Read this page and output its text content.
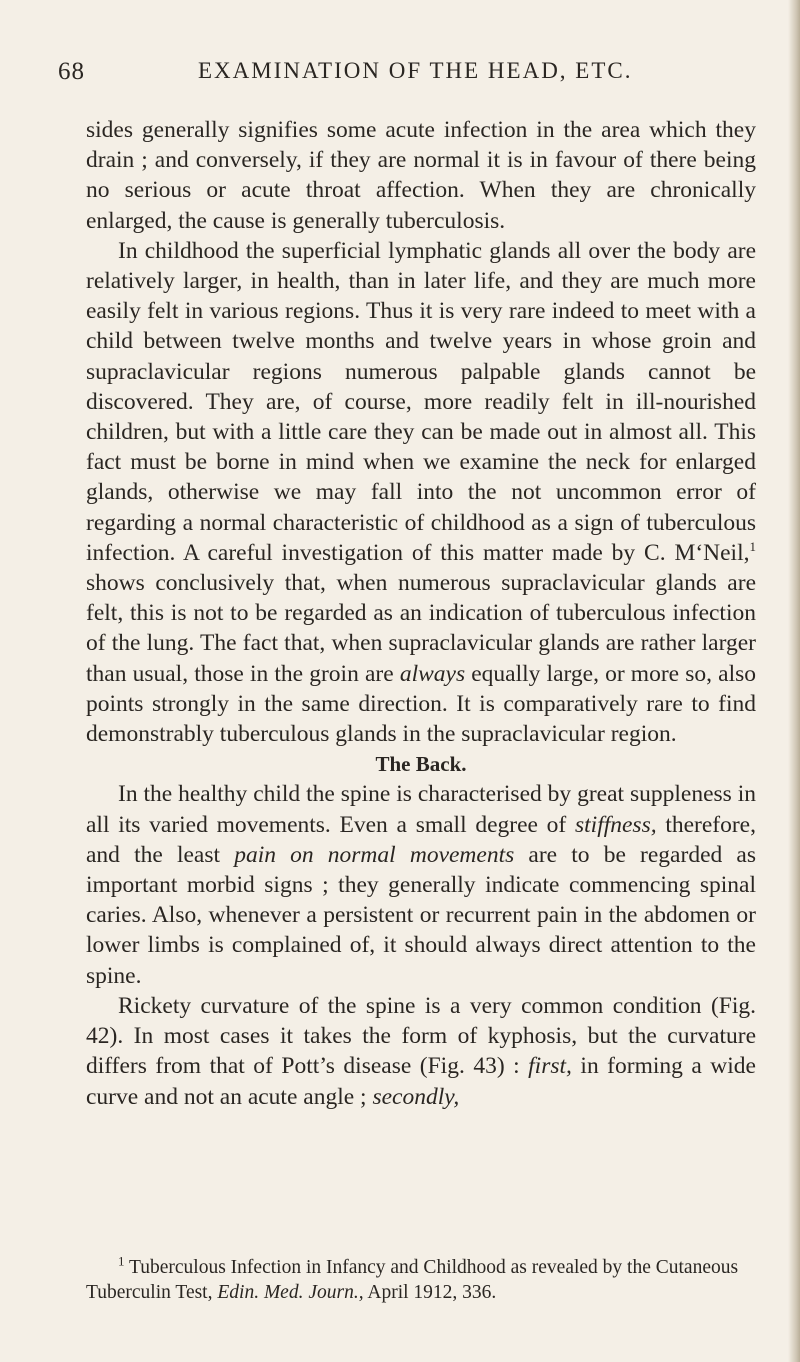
68	EXAMINATION OF THE HEAD, ETC.

sides generally signifies some acute infection in the area which they drain ; and conversely, if they are normal it is in favour of there being no serious or acute throat affection. When they are chronically enlarged, the cause is generally tuberculosis.

In childhood the superficial lymphatic glands all over the body are relatively larger, in health, than in later life, and they are much more easily felt in various regions. Thus it is very rare indeed to meet with a child between twelve months and twelve years in whose groin and supraclavicular regions numerous palpable glands cannot be discovered. They are, of course, more readily felt in ill-nourished children, but with a little care they can be made out in almost all. This fact must be borne in mind when we examine the neck for enlarged glands, otherwise we may fall into the not uncommon error of regarding a normal characteristic of childhood as a sign of tuberculous infection. A careful investigation of this matter made by C. M‘Neil,$^1$ shows conclusively that, when numerous supraclavicular glands are felt, this is not to be regarded as an indication of tuberculous infection of the lung. The fact that, when supraclavicular glands are rather larger than usual, those in the groin are always equally large, or more so, also points strongly in the same direction. It is comparatively rare to find demonstrably tuberculous glands in the supraclavicular region.

The Back.

In the healthy child the spine is characterised by great suppleness in all its varied movements. Even a small degree of stiffness, therefore, and the least pain on normal movements are to be regarded as important morbid signs ; they generally indicate commencing spinal caries. Also, whenever a persistent or recurrent pain in the abdomen or lower limbs is complained of, it should always direct attention to the spine.

Rickety curvature of the spine is a very common condition (Fig. 42). In most cases it takes the form of kyphosis, but the curvature differs from that of Pott’s disease (Fig. 43) : first, in forming a wide curve and not an acute angle ; secondly,

$^1$ Tuberculous Infection in Infancy and Childhood as revealed by the Cutaneous Tuberculin Test, Edin. Med. Journ., April 1912, 336.
